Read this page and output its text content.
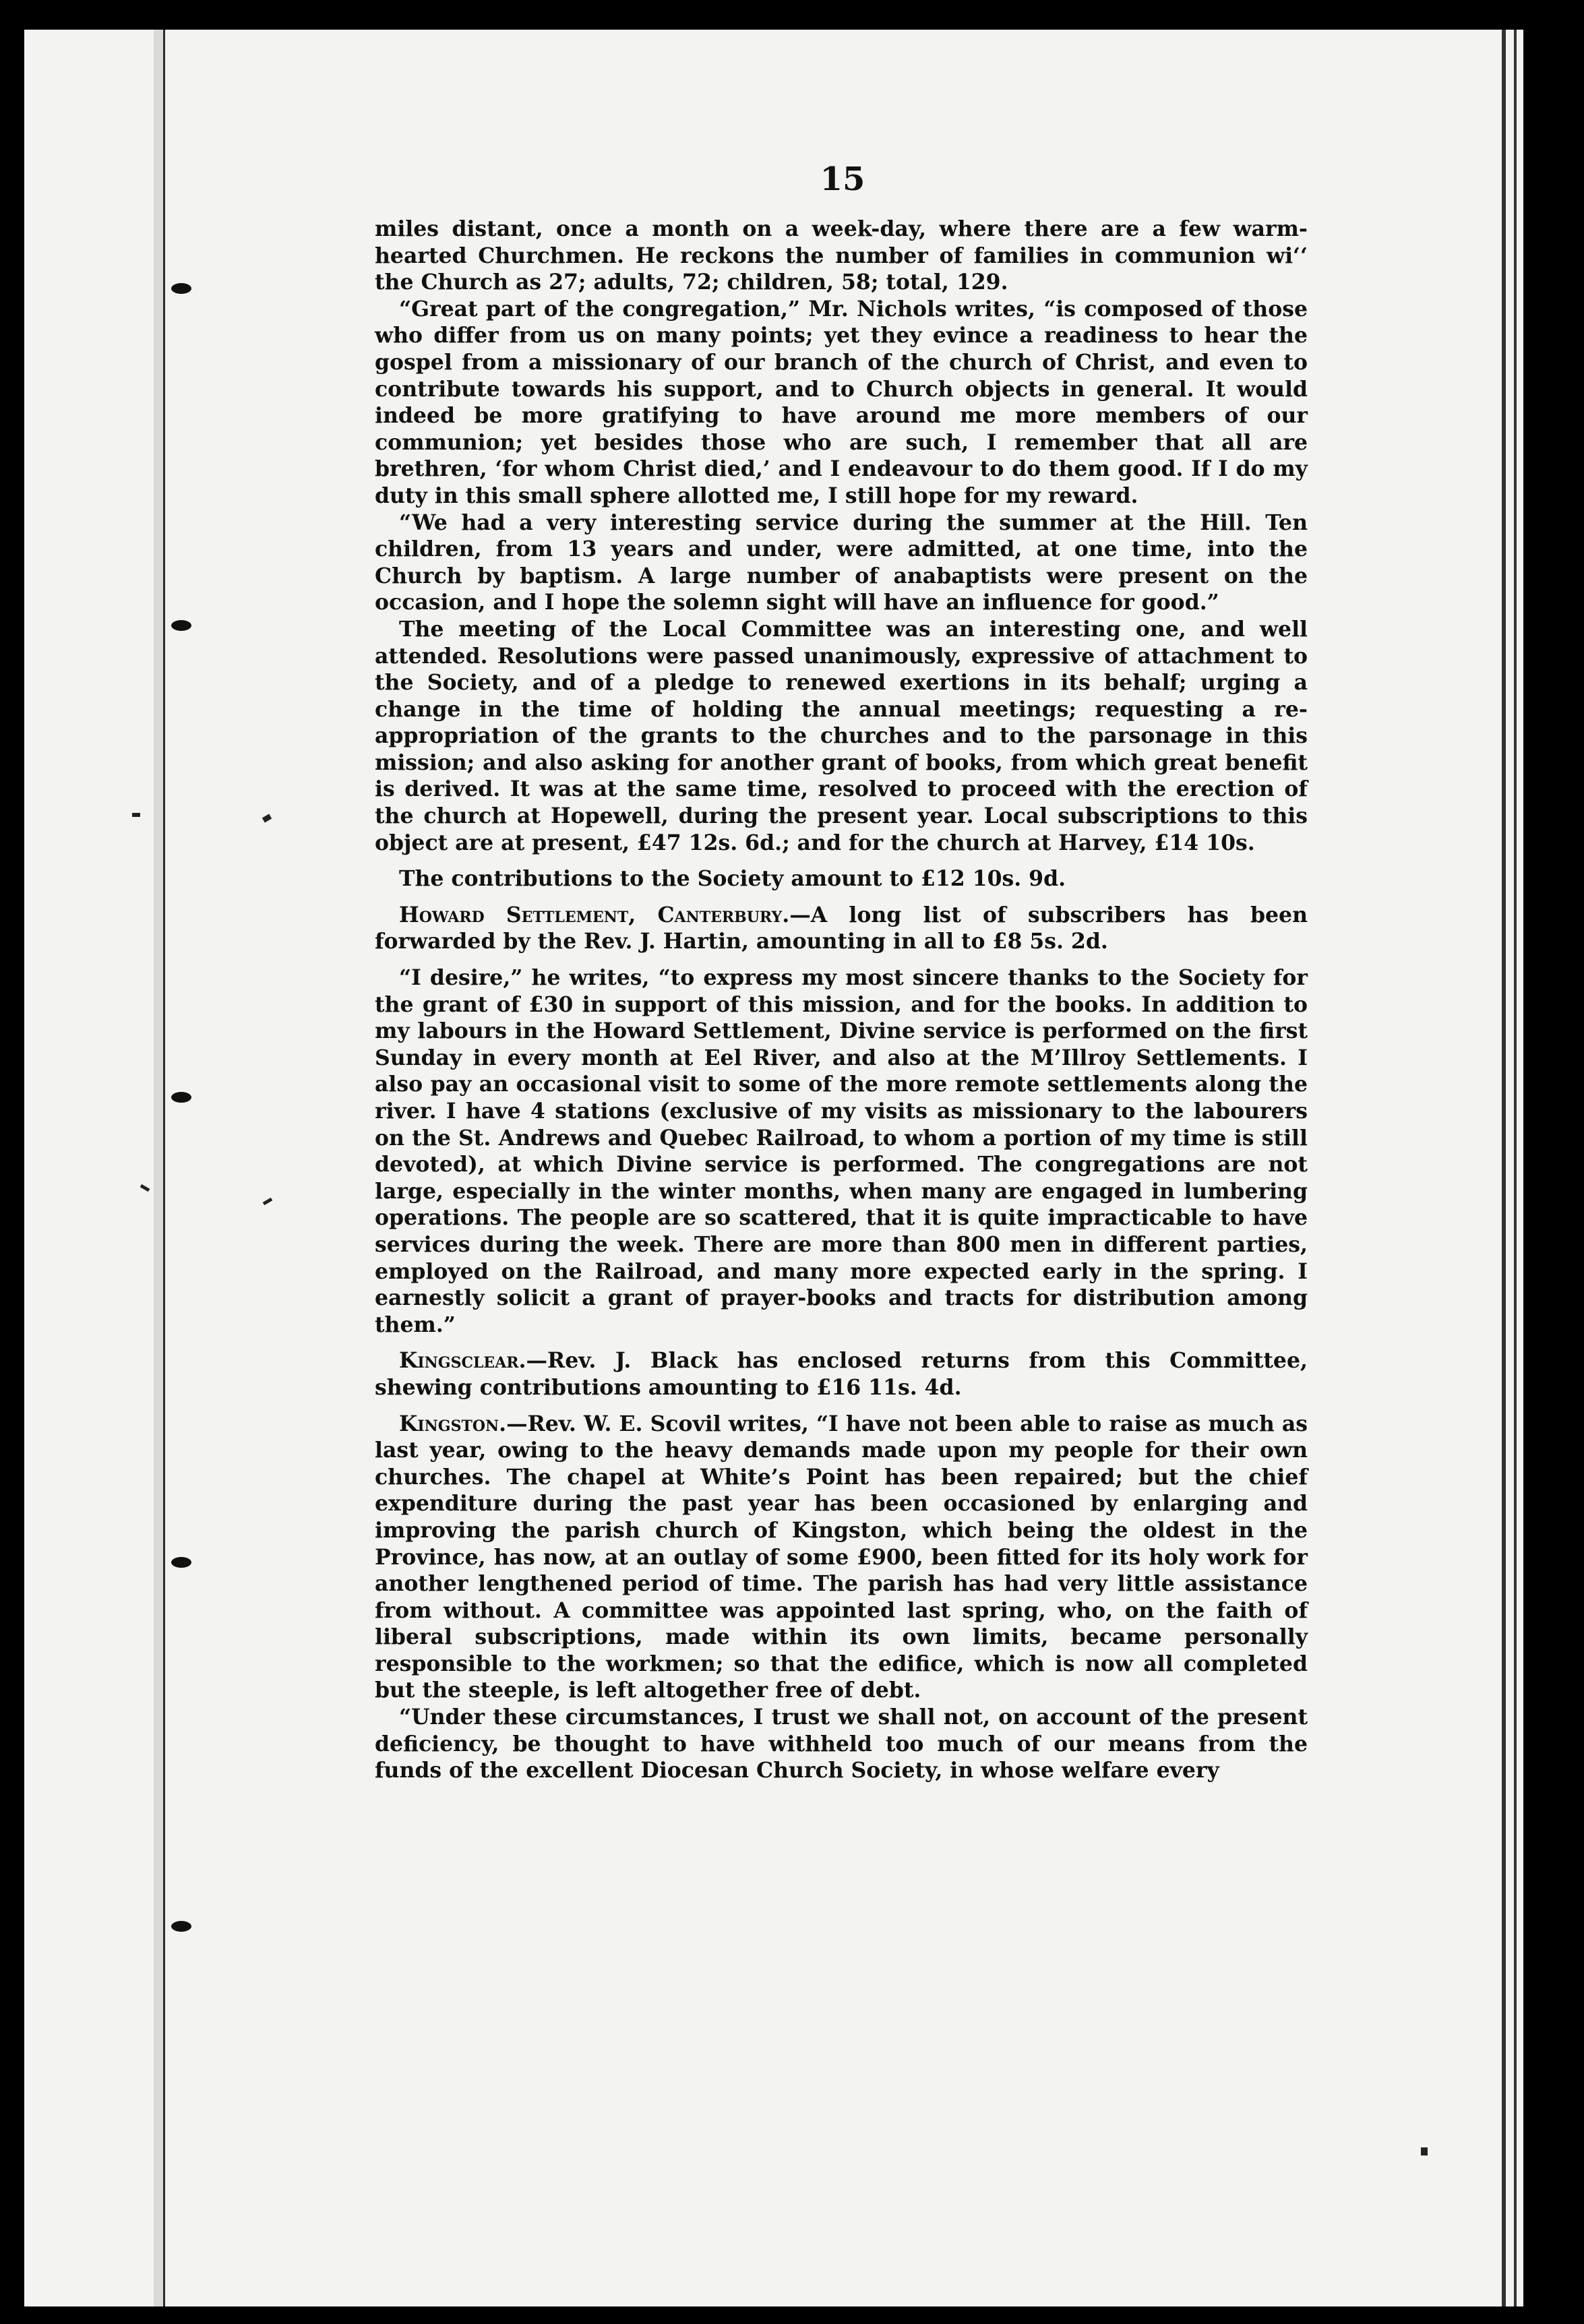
15

miles distant, once a month on a week-day, where there are a few warm-hearted Churchmen. He reckons the number of families in communion wi‘‘ the Church as 27; adults, 72; children, 58; total, 129.

“Great part of the congregation,” Mr. Nichols writes, “is composed of those who differ from us on many points; yet they evince a readiness to hear the gospel from a missionary of our branch of the church of Christ, and even to contribute towards his support, and to Church objects in general. It would indeed be more gratifying to have around me more members of our communion; yet besides those who are such, I remember that all are brethren, ‘for whom Christ died,’ and I endeavour to do them good. If I do my duty in this small sphere allotted me, I still hope for my reward.

“We had a very interesting service during the summer at the Hill. Ten children, from 13 years and under, were admitted, at one time, into the Church by baptism. A large number of anabaptists were present on the occasion, and I hope the solemn sight will have an influence for good.”

The meeting of the Local Committee was an interesting one, and well attended. Resolutions were passed unanimously, expressive of attachment to the Society, and of a pledge to renewed exertions in its behalf; urging a change in the time of holding the annual meetings; requesting a re-appropriation of the grants to the churches and to the parsonage in this mission; and also asking for another grant of books, from which great benefit is derived. It was at the same time, resolved to proceed with the erection of the church at Hopewell, during the present year. Local subscriptions to this object are at present, £47 12s. 6d.; and for the church at Harvey, £14 10s.

The contributions to the Society amount to £12 10s. 9d.

Howard Settlement, Canterbury.—A long list of subscribers has been forwarded by the Rev. J. Hartin, amounting in all to £8 5s. 2d.

“I desire,” he writes, “to express my most sincere thanks to the Society for the grant of £30 in support of this mission, and for the books. In addition to my labours in the Howard Settlement, Divine service is performed on the first Sunday in every month at Eel River, and also at the M’Illroy Settlements. I also pay an occasional visit to some of the more remote settlements along the river. I have 4 stations (exclusive of my visits as missionary to the labourers on the St. Andrews and Quebec Railroad, to whom a portion of my time is still devoted), at which Divine service is performed. The congregations are not large, especially in the winter months, when many are engaged in lumbering operations. The people are so scattered, that it is quite impracticable to have services during the week. There are more than 800 men in different parties, employed on the Railroad, and many more expected early in the spring. I earnestly solicit a grant of prayer-books and tracts for distribution among them.”

Kingsclear.—Rev. J. Black has enclosed returns from this Committee, shewing contributions amounting to £16 11s. 4d.

Kingston.—Rev. W. E. Scovil writes, “I have not been able to raise as much as last year, owing to the heavy demands made upon my people for their own churches. The chapel at White’s Point has been repaired; but the chief expenditure during the past year has been occasioned by enlarging and improving the parish church of Kingston, which being the oldest in the Province, has now, at an outlay of some £900, been fitted for its holy work for another lengthened period of time. The parish has had very little assistance from without. A committee was appointed last spring, who, on the faith of liberal subscriptions, made within its own limits, became personally responsible to the workmen; so that the edifice, which is now all completed but the steeple, is left altogether free of debt.

“Under these circumstances, I trust we shall not, on account of the present deficiency, be thought to have withheld too much of our means from the funds of the excellent Diocesan Church Society, in whose welfare every
